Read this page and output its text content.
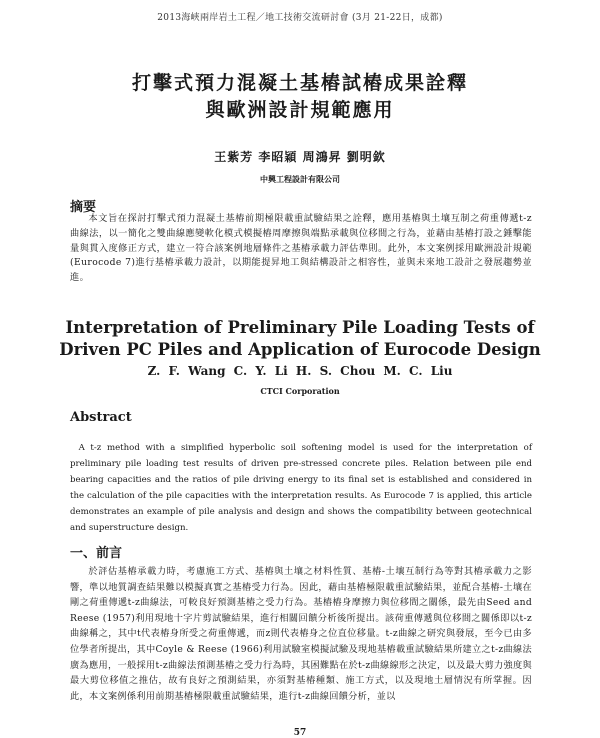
2013海峽兩岸岩土工程／地工技術交流研討會 (3月 21-22日，成都)
打擊式預力混凝土基樁試樁成果詮釋
與歐洲設計規範應用
王紫芳 李昭穎 周鴻昇 劉明欽
中興工程設計有限公司
摘要
本文旨在探討打擊式預力混凝土基樁前期極限載重試驗結果之詮釋，應用基樁與土壤互制之荷重傳遞t-z曲線法，以一簡化之雙曲線應變軟化模式模擬樁周摩擦與端點承載與位移間之行為，並藉由基樁打設之錘擊能量與貫入度修正方式，建立一符合該案例地層條件之基樁承載力評估準則。此外，本文案例採用歐洲設計規範(Eurocode 7)進行基樁承載力設計，以期能提昇地工與結構設計之相容性，並與未來地工設計之發展趨勢並進。
Interpretation of Preliminary Pile Loading Tests of
Driven PC Piles and Application of Eurocode Design
Z. F. Wang C. Y. Li H. S. Chou M. C. Liu
CTCI Corporation
Abstract
A t-z method with a simplified hyperbolic soil softening model is used for the interpretation of preliminary pile loading test results of driven pre-stressed concrete piles. Relation between pile end bearing capacities and the ratios of pile driving energy to its final set is established and considered in the calculation of the pile capacities with the interpretation results. As Eurocode 7 is applied, this article demonstrates an example of pile analysis and design and shows the compatibility between geotechnical and superstructure design.
一、前言
於評估基樁承載力時，考慮施工方式、基樁與土壤之材料性質、基樁-土壤互制行為等對其樁承載力之影響，準以地質調查結果難以模擬真實之基樁受力行為。因此，藉由基樁極限載重試驗結果，並配合基樁-土壤在剛之荷重傳遞t-z曲線法，可較良好預測基樁之受力行為。基樁樁身摩擦力與位移間之關係，最先由Seed and Reese (1957)利用現地十字片剪試驗結果，進行相關回饋分析後所提出。該荷重傳遞與位移間之關係即以t-z曲線稱之，其中t代表樁身所受之荷重傳遞，而z則代表樁身之位直位移量。t-z曲線之研究與發展，至今已由多位學者所提出，其中Coyle & Reese (1966)利用試驗室模擬試驗及現地基樁載重試驗結果所建立之t-z曲線法廣為應用，一般採用t-z曲線法預測基樁之受力行為時，其困難點在於t-z曲線線形之決定，以及最大剪力強度與最大剪位移值之推估，故有良好之預測結果，亦須對基樁種類、施工方式，以及現地土層情況有所掌握。因此，本文案例係利用前期基樁極限載重試驗結果，進行t-z曲線回饋分析，並以
57
